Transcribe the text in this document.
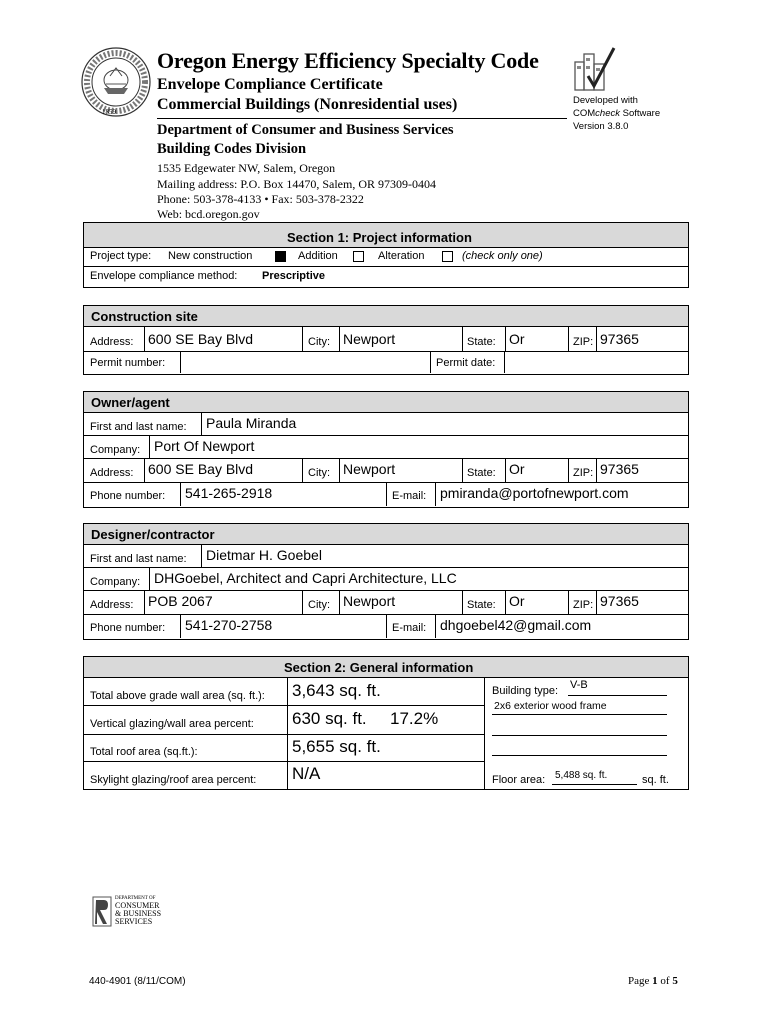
1859
Oregon Energy Efficiency Specialty Code
Envelope Compliance Certificate
Commercial Buildings (Nonresidential uses)
Department of Consumer and Business Services
Building Codes Division
1535 Edgewater NW, Salem, Oregon
Mailing address: P.O. Box 14470, Salem, OR 97309-0404
Phone: 503-378-4133 • Fax: 503-378-2322
Web: bcd.oregon.gov
Developed with
COMcheck Software
Version 3.8.0
Section 1: Project information
Project type: New construction	Addition	Alteration	(check only one)
Envelope compliance method: Prescriptive
Construction site
Address: 600 SE Bay Blvd	City: Newport	State: Or	ZIP: 97365
Permit number:	Permit date:
Owner/agent
First and last name: Paula Miranda
Company: Port Of Newport
Address: 600 SE Bay Blvd	City: Newport	State: Or	ZIP: 97365
Phone number: 541-265-2918	E-mail: pmiranda@portofnewport.com
Designer/contractor
First and last name: Dietmar H. Goebel
Company: DHGoebel, Architect and Capri Architecture, LLC
Address: POB 2067	City: Newport	State: Or	ZIP: 97365
Phone number: 541-270-2758	E-mail: dhgoebel42@gmail.com
Section 2: General information
Total above grade wall area (sq. ft.): 3,643 sq. ft.
Vertical glazing/wall area percent: 630 sq. ft. 17.2%
Total roof area (sq.ft.):	5,655 sq. ft.
Skylight glazing/roof area percent: N/A
Building type: V-B
2x6 exterior wood frame
Floor area: 5,488 sq. ft.	sq. ft.
DEPARTMENT OF
CONSUMER
& BUSINESS
SERVICES
440-4901 (8/11/COM)	Page 1 of 5
